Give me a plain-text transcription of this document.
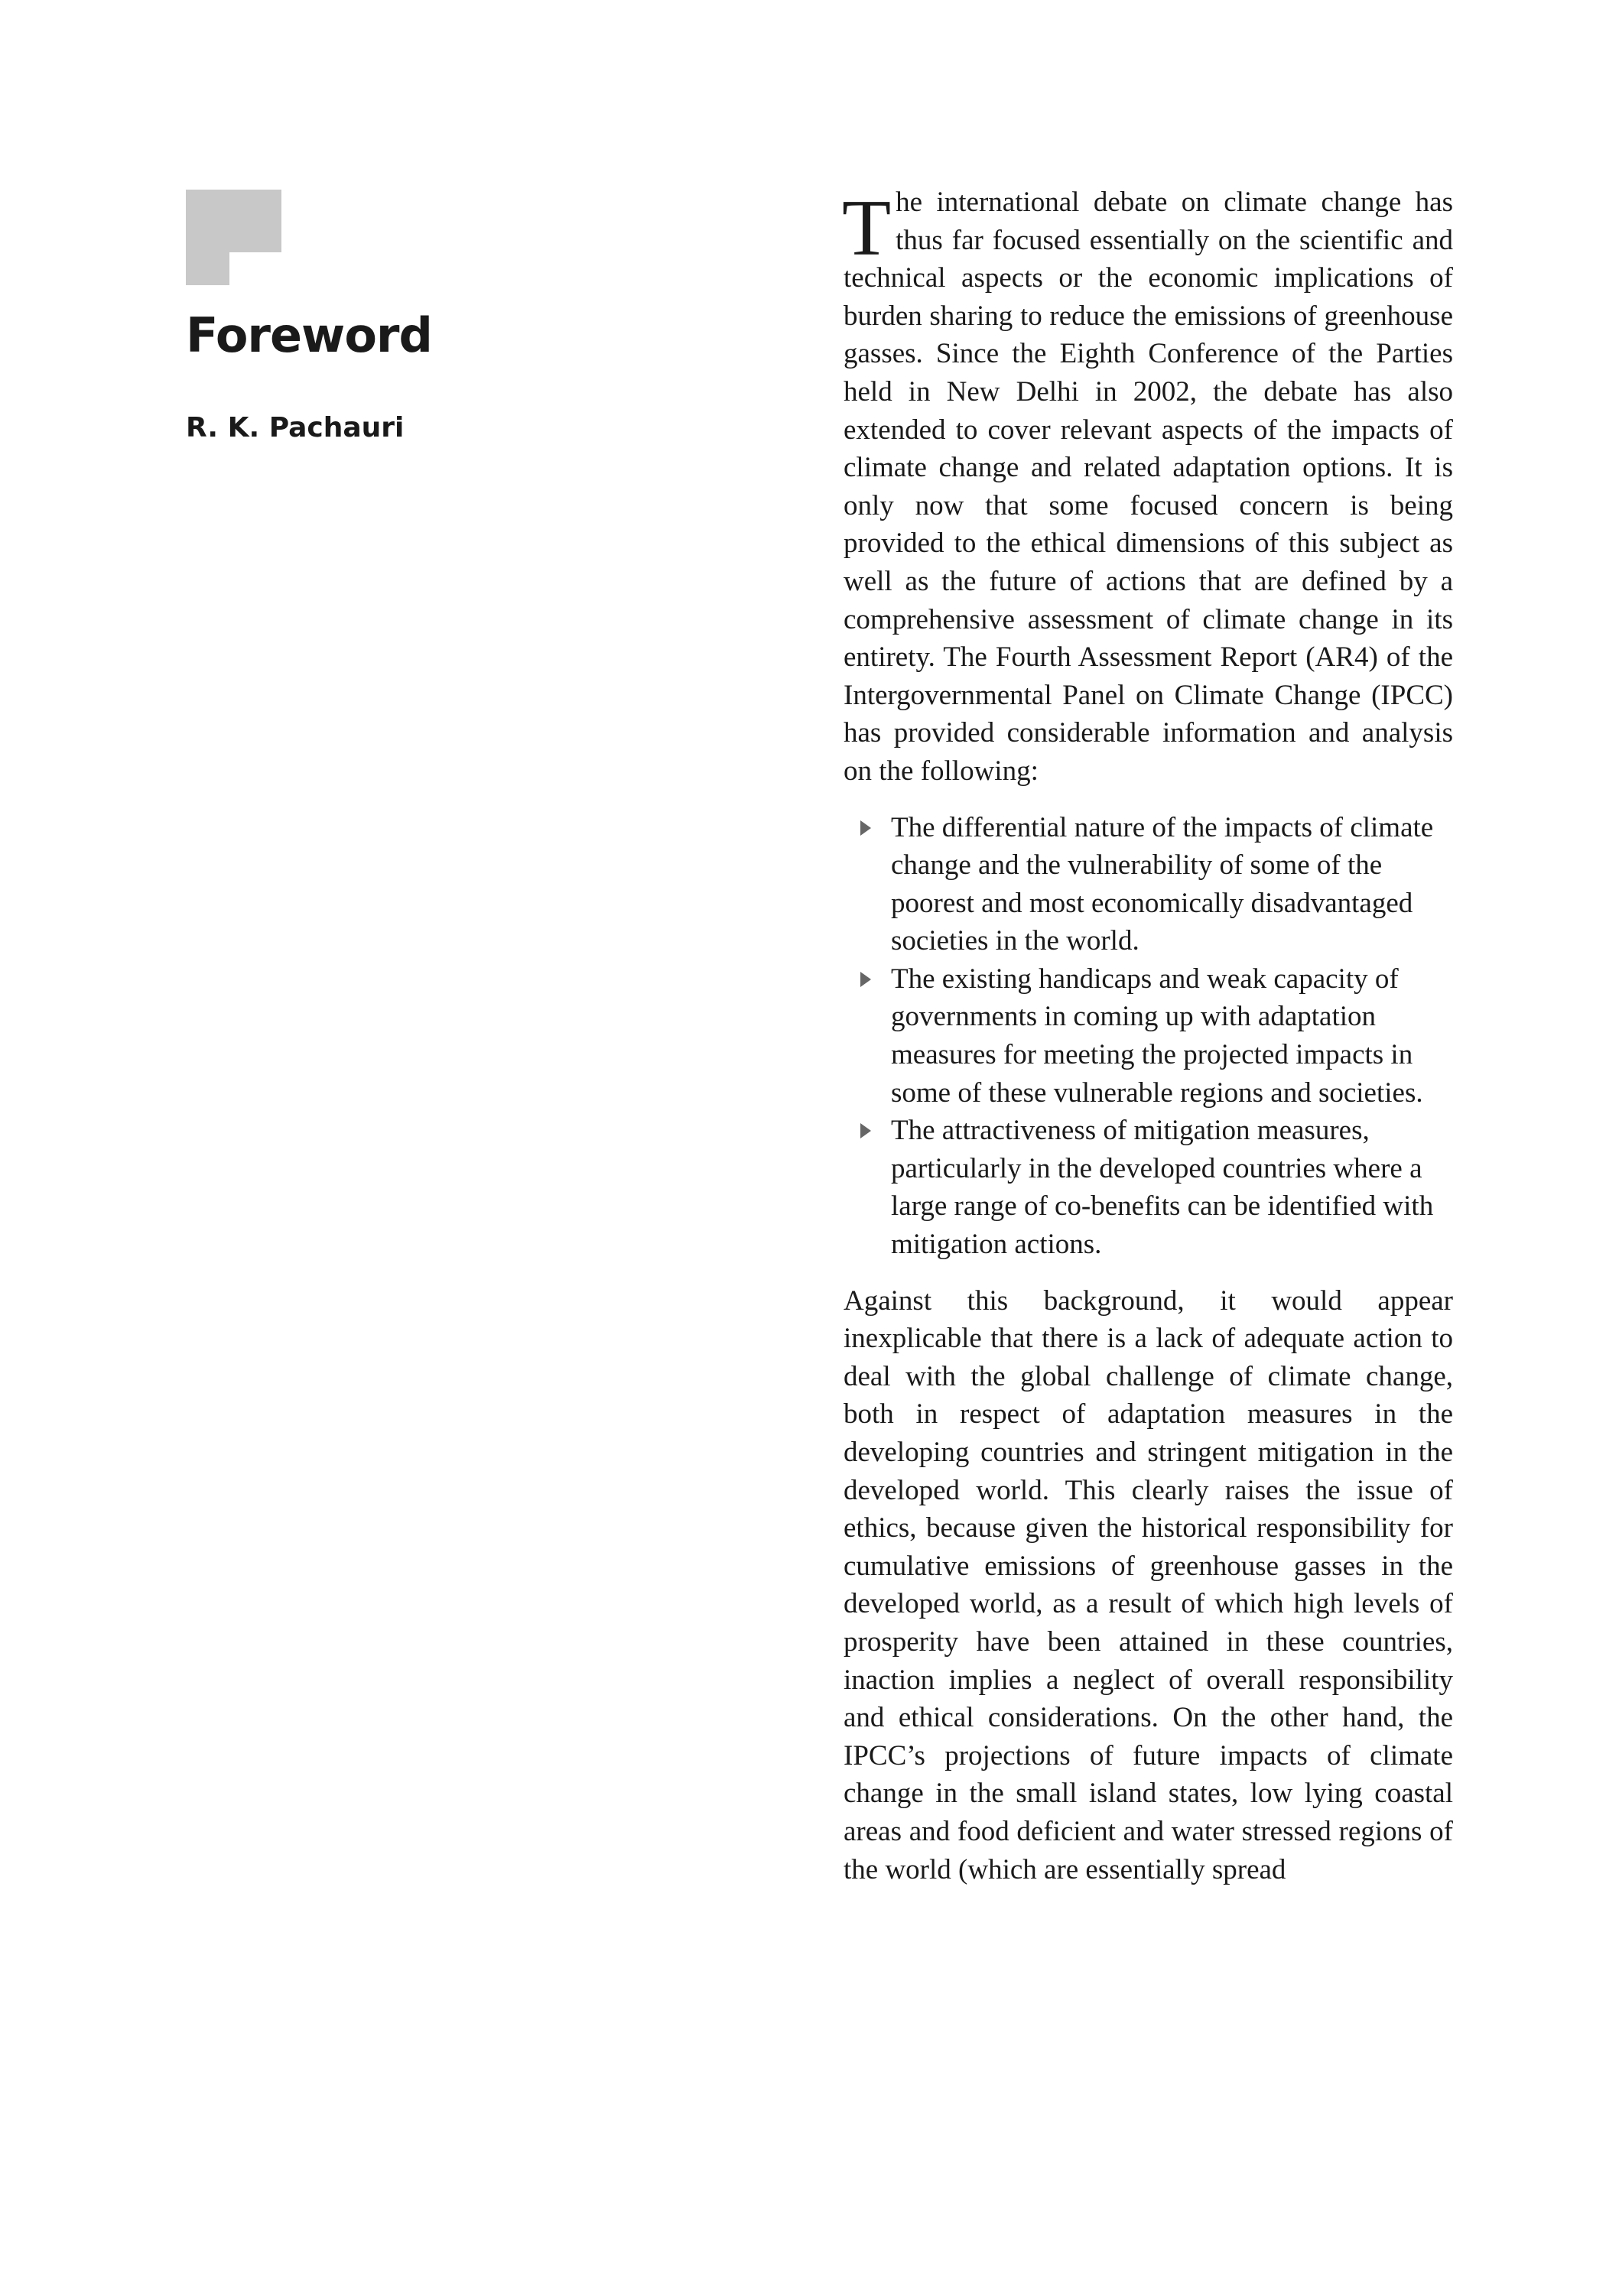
Foreword

R. K. Pachauri

The international debate on climate change has thus far focused essentially on the scientific and technical aspects or the economic implications of burden sharing to reduce the emissions of greenhouse gasses. Since the Eighth Conference of the Parties held in New Delhi in 2002, the debate has also extended to cover relevant aspects of the impacts of climate change and related adaptation options. It is only now that some focused concern is being provided to the ethical dimensions of this subject as well as the future of actions that are defined by a comprehensive assessment of climate change in its entirety. The Fourth Assessment Report (AR4) of the Intergovernmental Panel on Climate Change (IPCC) has provided considerable information and analysis on the following:

The differential nature of the impacts of climate change and the vulnerability of some of the poorest and most economically disadvantaged societies in the world.
The existing handicaps and weak capacity of governments in coming up with adaptation measures for meeting the projected impacts in some of these vulnerable regions and societies.
The attractiveness of mitigation measures, particularly in the developed countries where a large range of co-benefits can be identified with mitigation actions.

Against this background, it would appear inexplicable that there is a lack of adequate action to deal with the global challenge of climate change, both in respect of adaptation measures in the developing countries and stringent mitigation in the developed world. This clearly raises the issue of ethics, because given the historical responsibility for cumulative emissions of greenhouse gasses in the developed world, as a result of which high levels of prosperity have been attained in these countries, inaction implies a neglect of overall responsibility and ethical considerations. On the other hand, the IPCC’s projections of future impacts of climate change in the small island states, low lying coastal areas and food deficient and water stressed regions of the world (which are essentially spread
